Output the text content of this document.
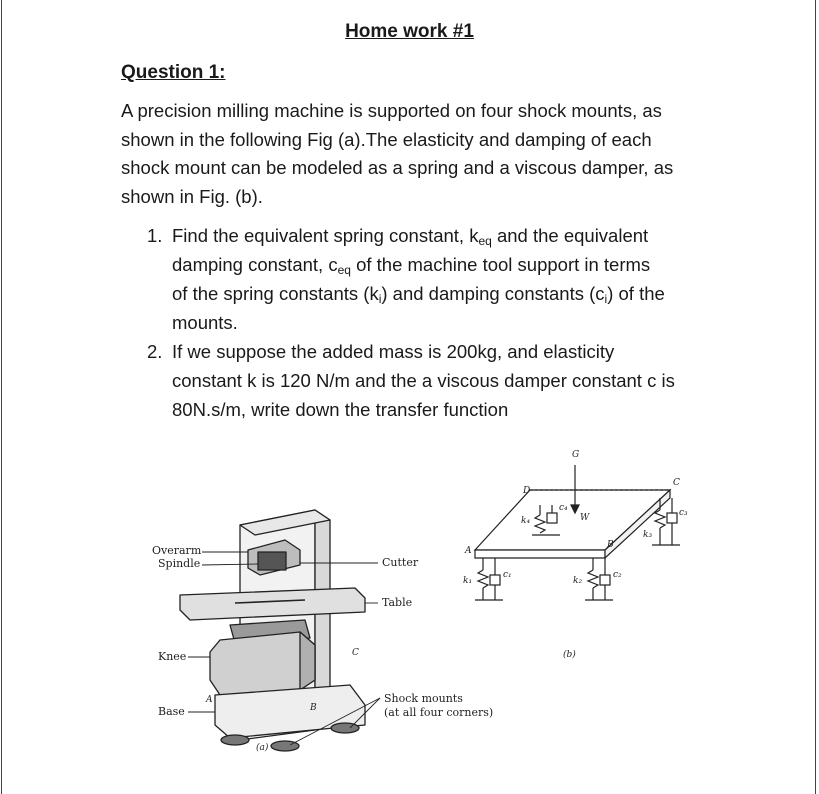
Home work #1
Question 1:
A precision milling machine is supported on four shock mounts, as
shown in the following Fig (a).The elasticity and damping of each
shock mount can be modeled as a spring and a viscous damper, as
shown in Fig. (b).
1. Find the equivalent spring constant, $k_{eq}$ and the equivalent
damping constant, $c_{eq}$ of the machine tool support in terms
of the spring constants $(k_i)$ and damping constants $(c_i)$ of the
mounts.
2. If we suppose the added mass is 200kg, and elasticity
constant k is 120 N/m and the a viscous damper constant c is
80N.s/m, write down the transfer function
Overarm
Spindle	Cutter
Table
Knee
Base
Shock mounts
(at all four corners)
A
B
C
(a)
G
W
A
B
C
D
k₁
c₁
k₂
c₂
k₃
c₃
k₄
c₄
(b)
